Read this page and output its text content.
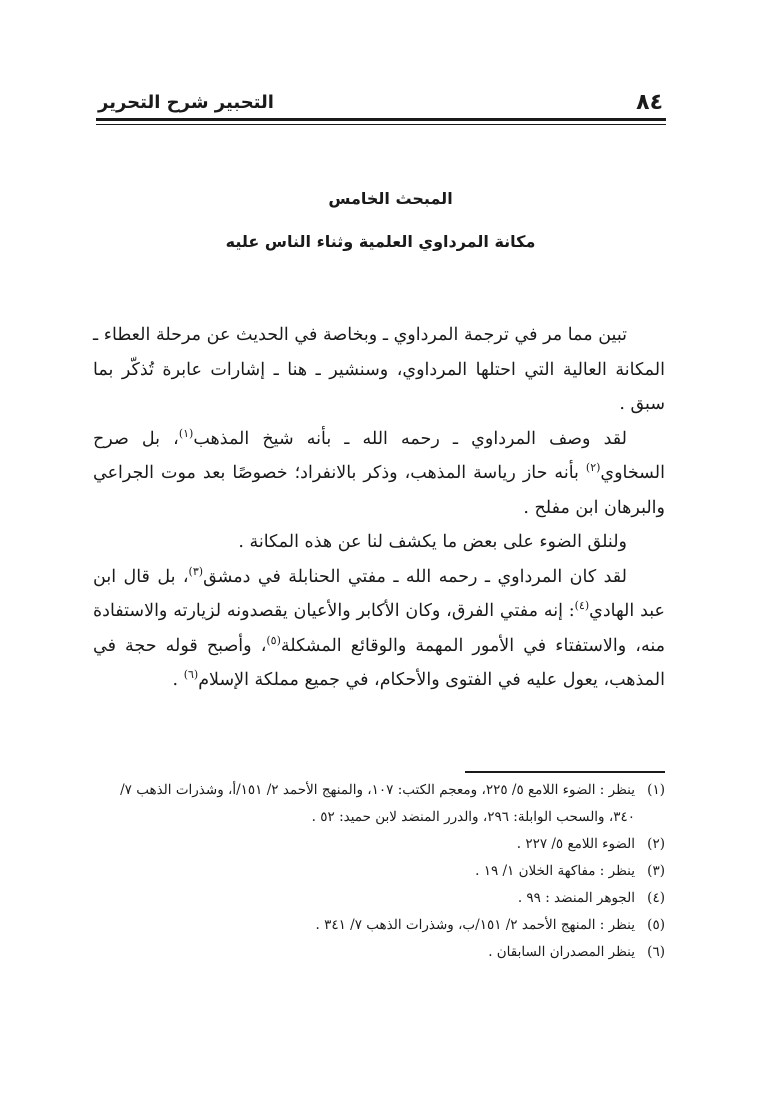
٨٤
التحبير شرح التحرير
المبحث الخامس
مكانة المرداوي العلمية وثناء الناس عليه

تبين مما مر في ترجمة المرداوي ـ وبخاصة في الحديث عن مرحلة العطاء ـ المكانة العالية التي احتلها المرداوي، وسنشير ـ هنا ـ إشارات عابرة تُذكّر بما سبق .

لقد وصف المرداوي ـ رحمه الله ـ بأنه شيخ المذهب$^{(١)}$، بل صرح السخاوي$^{(٢)}$ بأنه حاز رياسة المذهب، وذكر بالانفراد؛ خصوصًا بعد موت الجراعي والبرهان ابن مفلح .

ولنلق الضوء على بعض ما يكشف لنا عن هذه المكانة .

لقد كان المرداوي ـ رحمه الله ـ مفتي الحنابلة في دمشق$^{(٣)}$، بل قال ابن عبد الهادي$^{(٤)}$: إنه مفتي الفرق، وكان الأكابر والأعيان يقصدونه لزيارته والاستفادة منه، والاستفتاء في الأمور المهمة والوقائع المشكلة$^{(٥)}$، وأصبح قوله حجة في المذهب، يعول عليه في الفتوى والأحكام، في جميع مملكة الإسلام$^{(٦)}$ .

(١)
ينظر : الضوء اللامع ٥/ ٢٢٥، ومعجم الكتب: ١٠٧، والمنهج الأحمد ٢/ ١٥١/أ، وشذرات الذهب ٧/ ٣٤٠، والسحب الوابلة: ٢٩٦، والدرر المنضد لابن حميد: ٥٢ .
(٢)
الضوء اللامع ٥/ ٢٢٧ .
(٣)
ينظر : مفاكهة الخلان ١/ ١٩ .
(٤)
الجوهر المنضد : ٩٩ .
(٥)
ينظر : المنهج الأحمد ٢/ ١٥١/ب، وشذرات الذهب ٧/ ٣٤١ .
(٦)
ينظر المصدران السابقان .
